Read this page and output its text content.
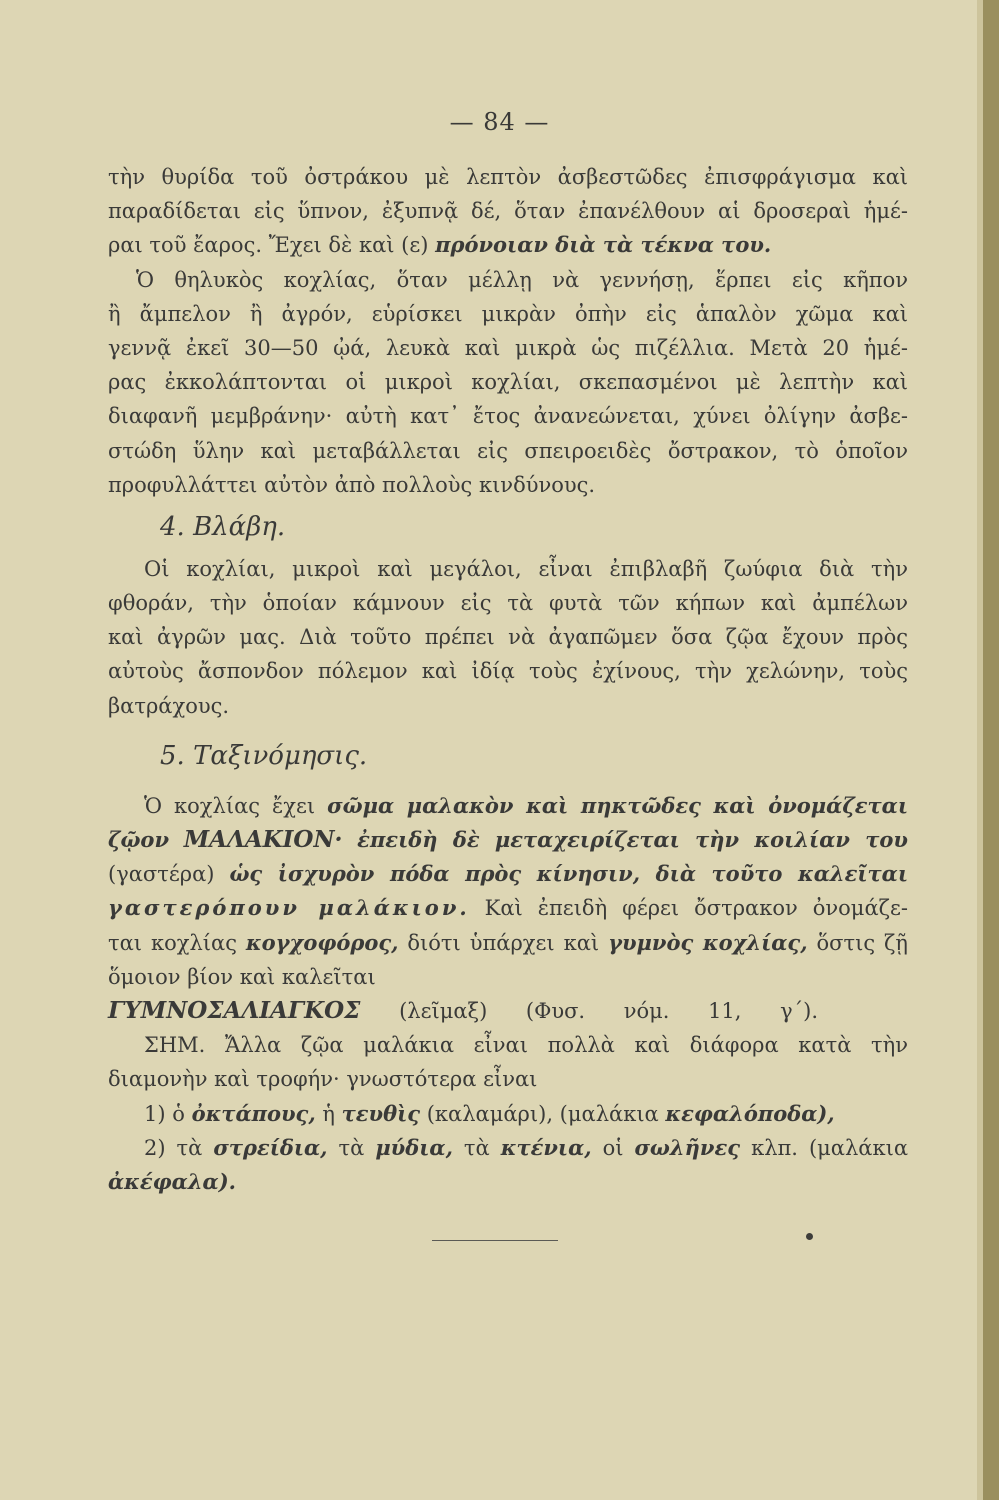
— 84 —
τὴν θυρίδα τοῦ ὀστράκου μὲ λεπτὸν ἀσβεστῶδες ἐπισφράγισμα καὶ
παραδίδεται εἰς ὕπνον, ἐξυπνᾷ δέ, ὅταν ἐπανέλθουν αἱ δροσεραὶ ἡμέ-
ραι τοῦ ἔαρος. Ἔχει δὲ καὶ (ε) πρόνοιαν διὰ τὰ τέκνα του.
Ὁ θηλυκὸς κοχλίας, ὅταν μέλλῃ νὰ γεννήσῃ, ἕρπει εἰς κῆπον
ἢ ἄμπελον ἢ ἀγρόν, εὑρίσκει μικρὰν ὀπὴν εἰς ἁπαλὸν χῶμα καὶ
γεννᾷ ἐκεῖ 30—50 ᾠά, λευκὰ καὶ μικρὰ ὡς πιζέλλια. Μετὰ 20 ἡμέ-
ρας ἐκκολάπτονται οἱ μικροὶ κοχλίαι, σκεπασμένοι μὲ λεπτὴν καὶ
διαφανῆ μεμβράνην· αὐτὴ κατ᾽ ἔτος ἀνανεώνεται, χύνει ὀλίγην ἀσβε-
στώδη ὕλην καὶ μεταβάλλεται εἰς σπειροειδὲς ὄστρακον, τὸ ὁποῖον
προφυλλάττει αὐτὸν ἀπὸ πολλοὺς κινδύνους.
4. Βλάβη.
Οἱ κοχλίαι, μικροὶ καὶ μεγάλοι, εἶναι ἐπιβλαβῆ ζωύφια διὰ τὴν
φθοράν, τὴν ὁποίαν κάμνουν εἰς τὰ φυτὰ τῶν κήπων καὶ ἀμπέλων
καὶ ἀγρῶν μας. Διὰ τοῦτο πρέπει νὰ ἀγαπῶμεν ὅσα ζῷα ἔχουν πρὸς
αὐτοὺς ἄσπονδον πόλεμον καὶ ἰδίᾳ τοὺς ἐχίνους, τὴν χελώνην, τοὺς
βατράχους.
5. Ταξινόμησις.
Ὁ κοχλίας ἔχει σῶμα μαλακὸν καὶ πηκτῶδες καὶ ὀνομάζεται
ζῷον ΜΑΛΑΚΙΟΝ· ἐπειδὴ δὲ μεταχειρίζεται τὴν κοιλίαν του
(γαστέρα) ὡς ἰσχυρὸν πόδα πρὸς κίνησιν, διὰ τοῦτο καλεῖται
γαστερόπουν μαλάκιον. Καὶ ἐπειδὴ φέρει ὄστρακον ὀνομάζε-
ται κοχλίας κογχοφόρος, διότι ὑπάρχει καὶ γυμνὸς κοχλίας, ὅστις ζῇ
ὅμοιον βίον καὶ καλεῖται
ΓΥΜΝΟΣΑΛΙΑΓΚΟΣ (λεῖμαξ) (Φυσ. νόμ. 11, γ΄).
ΣΗΜ. Ἄλλα ζῷα μαλάκια εἶναι πολλὰ καὶ διάφορα κατὰ τὴν
διαμονὴν καὶ τροφήν· γνωστότερα εἶναι
1) ὁ ὀκτάπους, ἡ τευθὶς (καλαμάρι), (μαλάκια κεφαλόποδα),
2) τὰ στρείδια, τὰ μύδια, τὰ κτένια, οἱ σωλῆνες κλπ. (μαλάκια
ἀκέφαλα).
